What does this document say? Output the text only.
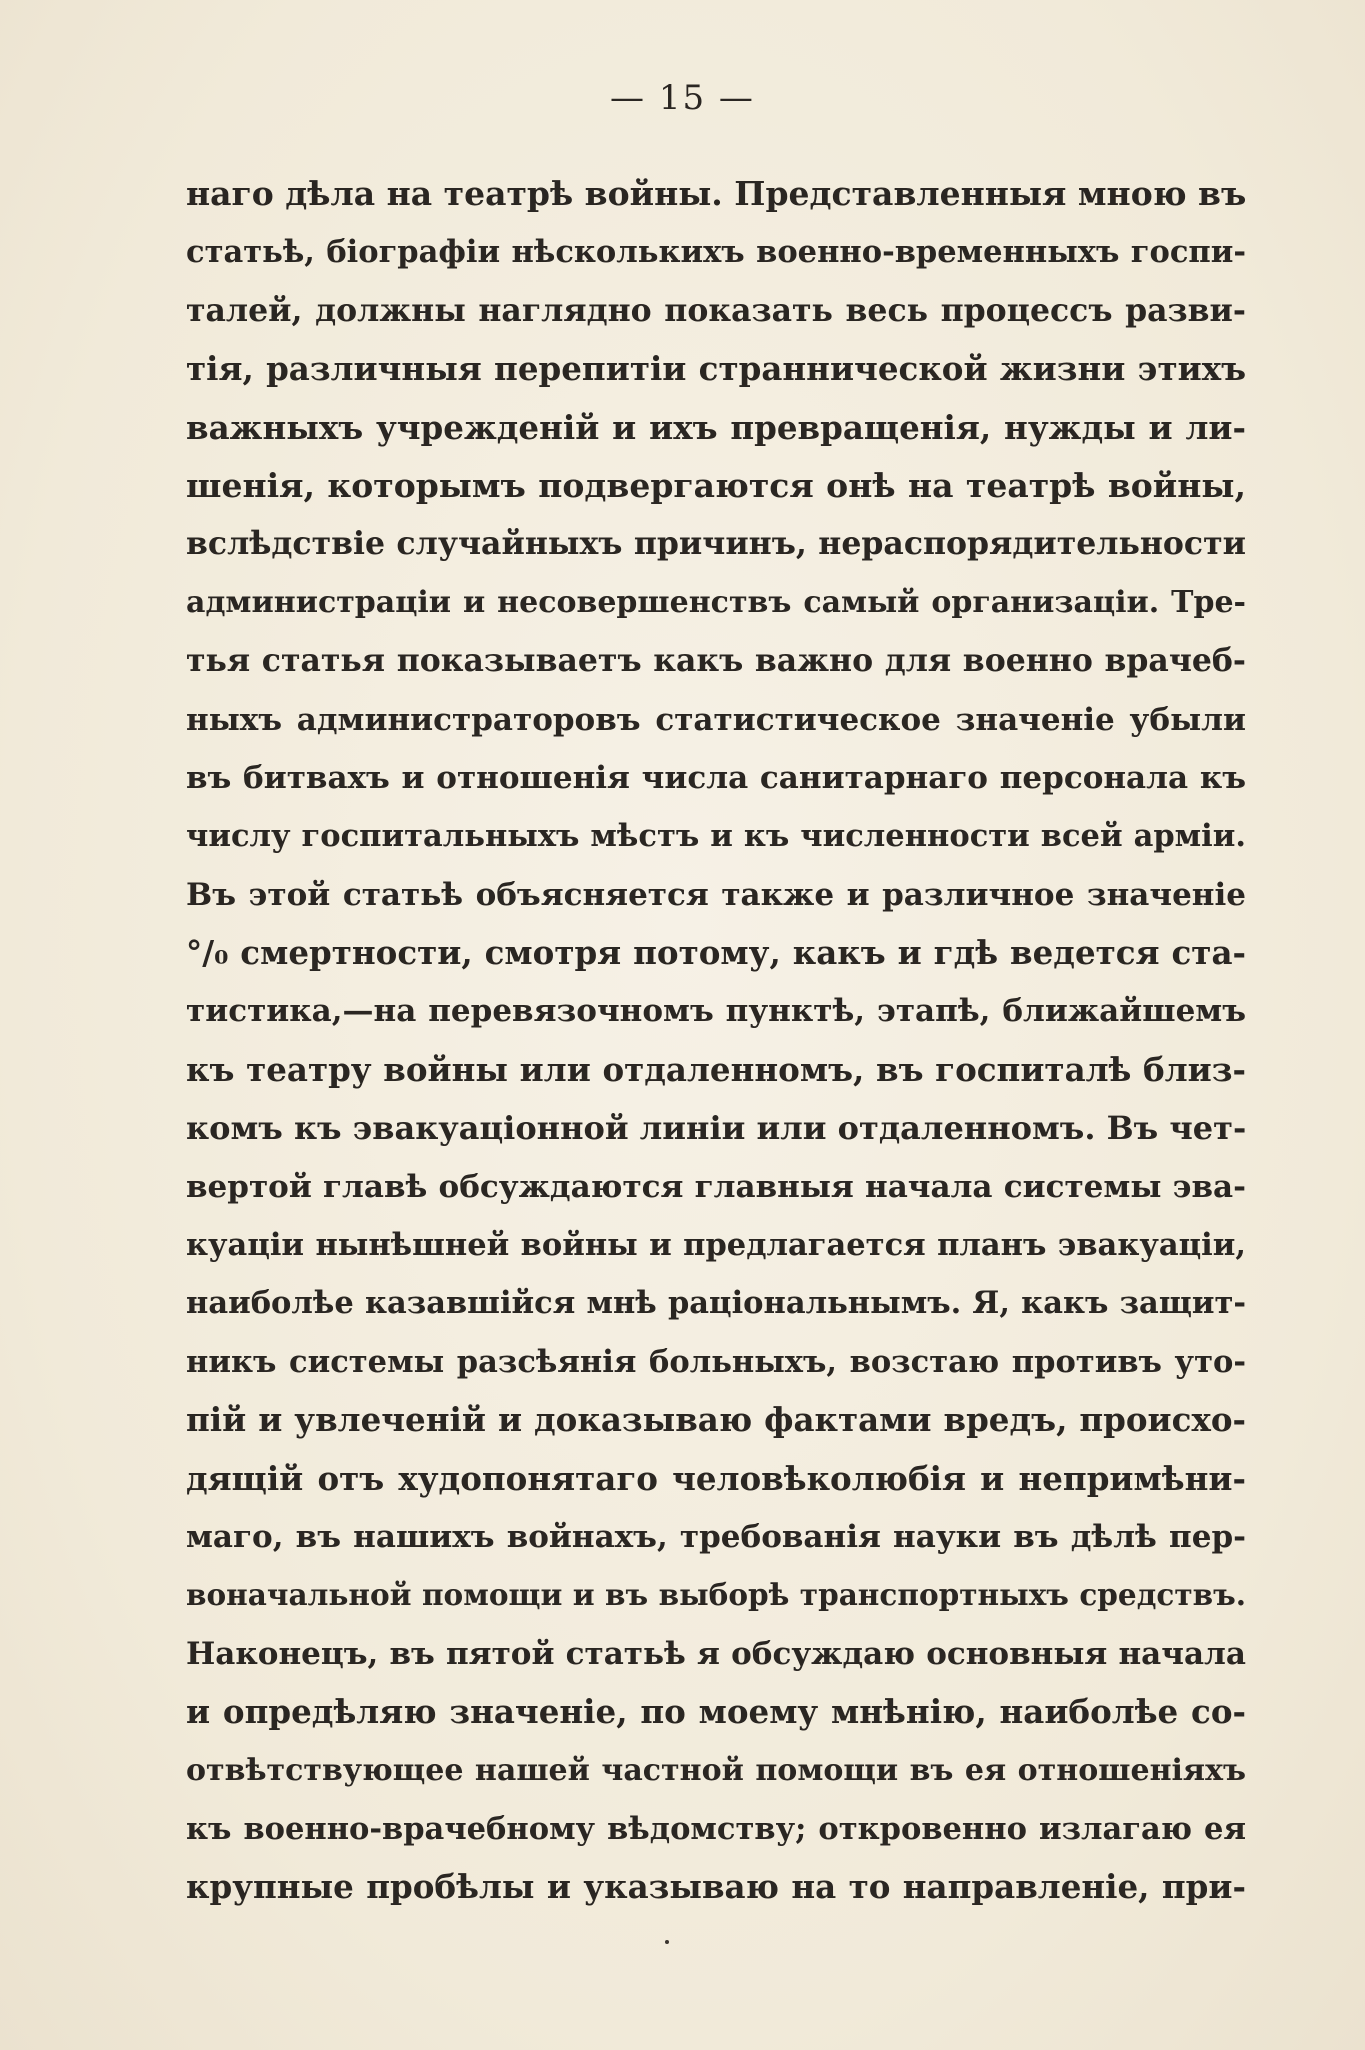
— 15 —
наго дѣла на театрѣ войны. Представленныя мною въ
статьѣ, біографіи нѣсколькихъ военно-временныхъ госпи-
талей, должны наглядно показать весь процессъ разви-
тія, различныя перепитіи страннической жизни этихъ
важныхъ учрежденій и ихъ превращенія, нужды и ли-
шенія, которымъ подвергаются онѣ на театрѣ войны,
вслѣдствіе случайныхъ причинъ, нераспорядительности
администраціи и несовершенствъ самый организаціи. Тре-
тья статья показываетъ какъ важно для военно врачеб-
ныхъ администраторовъ статистическое значеніе убыли
въ битвахъ и отношенія числа санитарнаго персонала къ
числу госпитальныхъ мѣстъ и къ численности всей арміи.
Въ этой статьѣ объясняется также и различное значеніе
°/₀ смертности, смотря потому, какъ и гдѣ ведется ста-
тистика,—на перевязочномъ пунктѣ, этапѣ, ближайшемъ
къ театру войны или отдаленномъ, въ госпиталѣ близ-
комъ къ эвакуаціонной линіи или отдаленномъ. Въ чет-
вертой главѣ обсуждаются главныя начала системы эва-
куаціи нынѣшней войны и предлагается планъ эвакуаціи,
наиболѣе казавшійся мнѣ раціональнымъ. Я, какъ защит-
никъ системы разсѣянія больныхъ, возстаю противъ уто-
пій и увлеченій и доказываю фактами вредъ, происхо-
дящій отъ худопонятаго человѣколюбія и непримѣни-
маго, въ нашихъ войнахъ, требованія науки въ дѣлѣ пер-
воначальной помощи и въ выборѣ транспортныхъ средствъ.
Наконецъ, въ пятой статьѣ я обсуждаю основныя начала
и опредѣляю значеніе, по моему мнѣнію, наиболѣе со-
отвѣтствующее нашей частной помощи въ ея отношеніяхъ
къ военно-врачебному вѣдомству; откровенно излагаю ея
крупные пробѣлы и указываю на то направленіе, при-
